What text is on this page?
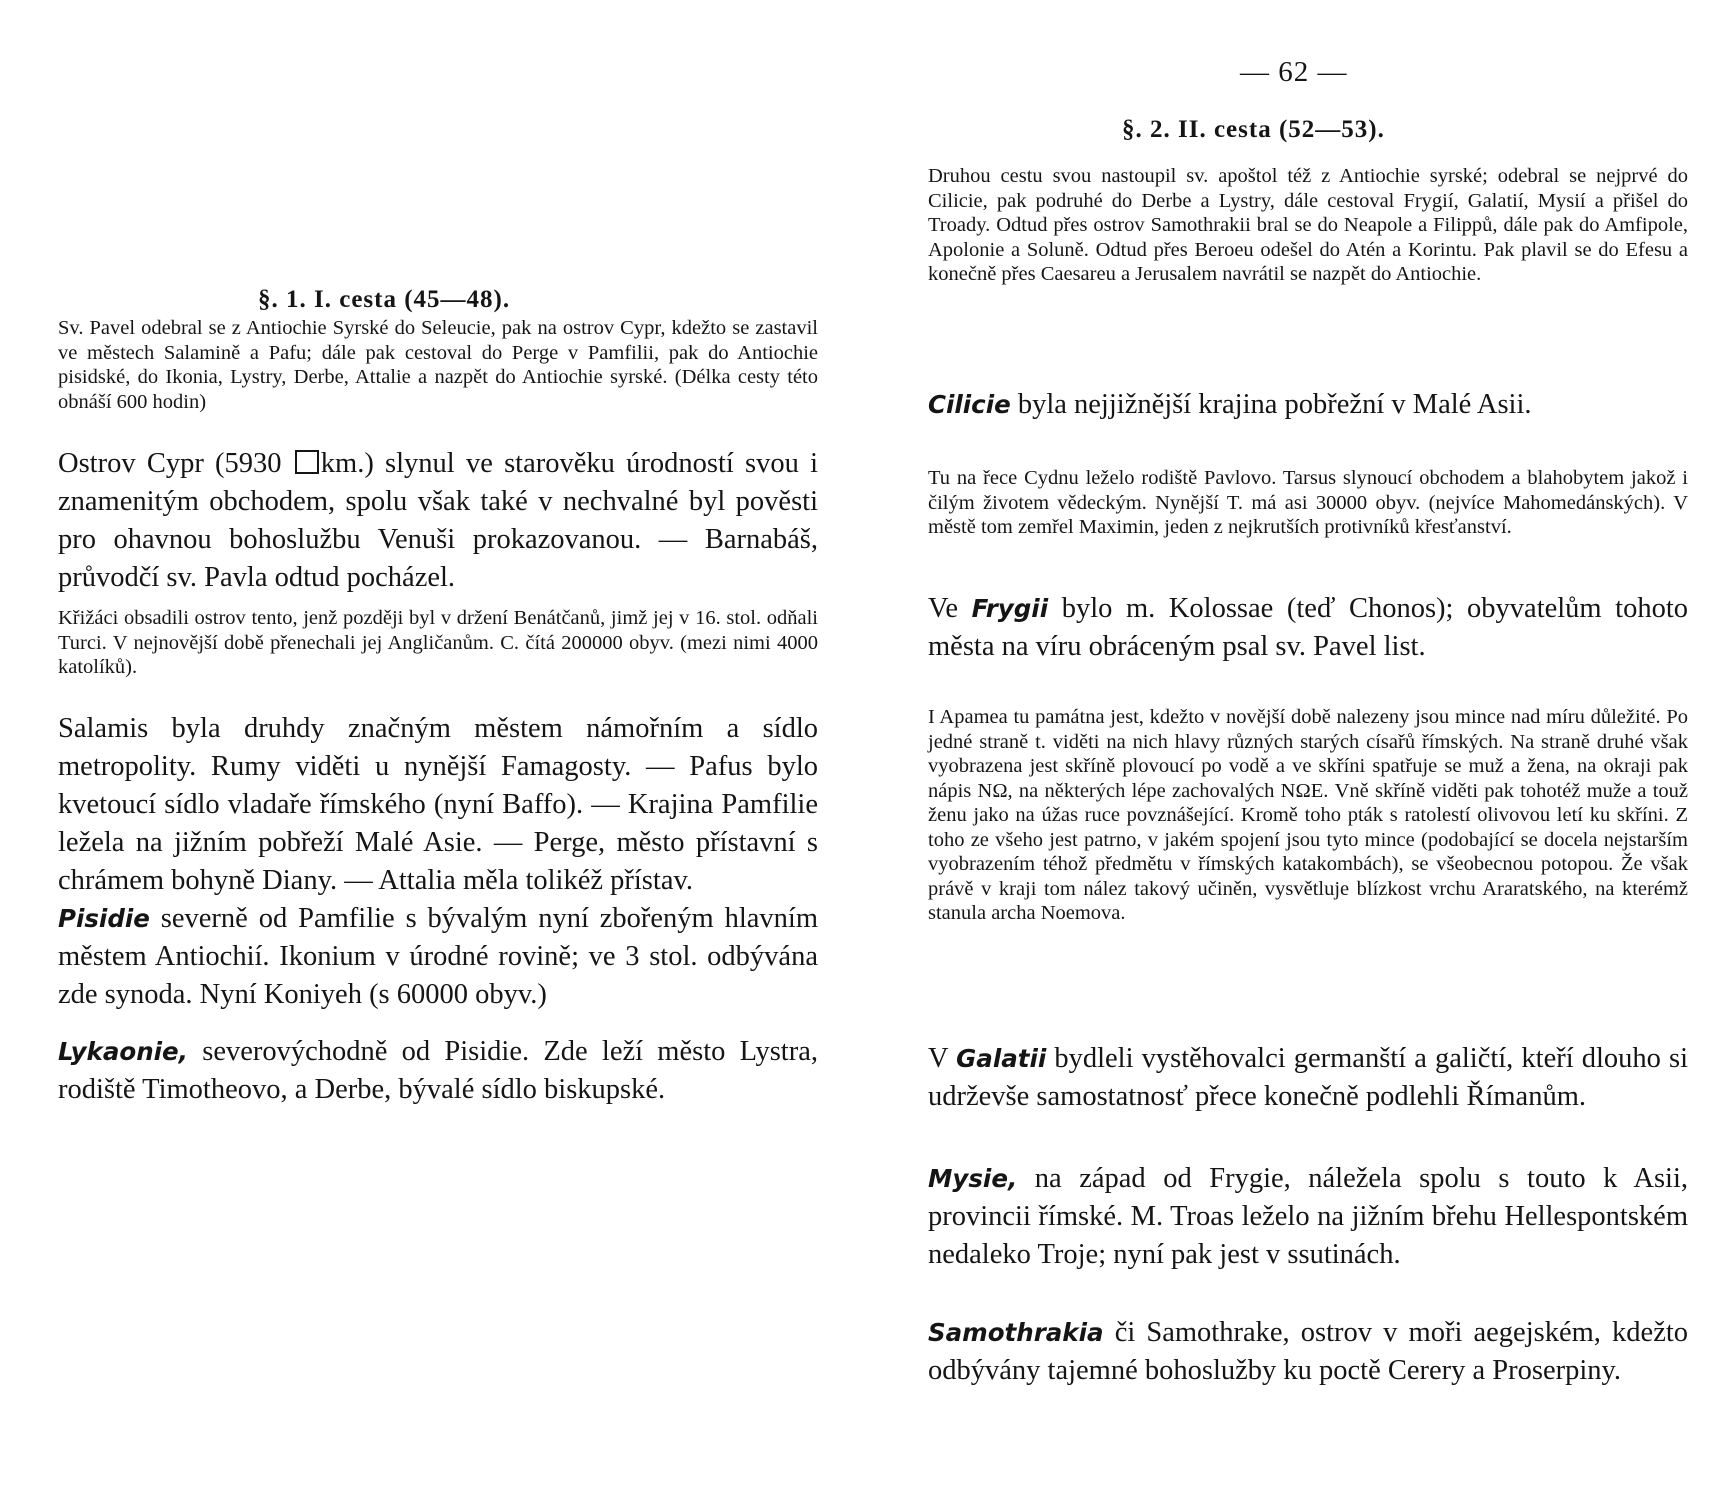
— 62 —
§. 1. I. cesta (45—48).

Sv. Pavel odebral se z Antiochie Syrské do Seleucie, pak na ostrov Cypr, kdežto se zastavil ve městech Salamině a Pafu; dále pak cestoval do Perge v Pamfilii, pak do Antiochie pisidské, do Ikonia, Lystry, Derbe, Attalie a nazpět do Antiochie syrské. (Délka cesty této obnáší 600 hodin)

Ostrov Cypr (5930 km.) slynul ve starověku úrodností svou i znamenitým obchodem, spolu však také v nechvalné byl pověsti pro ohavnou bohoslužbu Venuši prokazovanou. — Barnabáš, průvodčí sv. Pavla odtud pocházel.

Křižáci obsadili ostrov tento, jenž později byl v držení Benátčanů, jimž jej v 16. stol. odňali Turci. V nejnovější době přenechali jej Angličanům. C. čítá 200000 obyv. (mezi nimi 4000 katolíků).

Salamis byla druhdy značným městem námořním a sídlo metropolity. Rumy viděti u nynější Famagosty. — Pafus bylo kvetoucí sídlo vladaře římského (nyní Baffo). — Krajina Pamfilie ležela na jižním pobřeží Malé Asie. — Perge, město přístavní s chrámem bohyně Diany. — Attalia měla tolikéž přístav.

Pisidie severně od Pamfilie s bývalým nyní zbořeným hlavním městem Antiochií. Ikonium v úrodné rovině; ve 3 stol. odbývána zde synoda. Nyní Koniyeh (s 60000 obyv.)

Lykaonie, severovýchodně od Pisidie. Zde leží město Lystra, rodiště Timotheovo, a Derbe, bývalé sídlo biskupské.

§. 2. II. cesta (52—53).

Druhou cestu svou nastoupil sv. apoštol též z Antiochie syrské; odebral se nejprvé do Cilicie, pak podruhé do Derbe a Lystry, dále cestoval Frygií, Galatií, Mysií a přišel do Troady. Odtud přes ostrov Samothrakii bral se do Neapole a Filippů, dále pak do Amfipole, Apolonie a Soluně. Odtud přes Beroeu odešel do Atén a Korintu. Pak plavil se do Efesu a konečně přes Caesareu a Jerusalem navrátil se nazpět do Antiochie.

Cilicie byla nejjižnější krajina pobřežní v Malé Asii.

Tu na řece Cydnu leželo rodiště Pavlovo. Tarsus slynoucí obchodem a blahobytem jakož i čilým životem vědeckým. Nynější T. má asi 30000 obyv. (nejvíce Mahomedánských). V městě tom zemřel Maximin, jeden z nejkrutších protivníků křesťanství.

Ve Frygii bylo m. Kolossae (teď Chonos); obyvatelům tohoto města na víru obráceným psal sv. Pavel list.

I Apamea tu památna jest, kdežto v novější době nalezeny jsou mince nad míru důležité. Po jedné straně t. viděti na nich hlavy různých starých císařů římských. Na straně druhé však vyobrazena jest skříně plovoucí po vodě a ve skříni spatřuje se muž a žena, na okraji pak nápis ΝΩ, na některých lépe zachovalých ΝΩΕ. Vně skříně viděti pak tohotéž muže a touž ženu jako na úžas ruce povznášející. Kromě toho pták s ratolestí olivovou letí ku skříni. Z toho ze všeho jest patrno, v jakém spojení jsou tyto mince (podobající se docela nejstarším vyobrazením téhož předmětu v římských katakombách), se všeobecnou potopou. Že však právě v kraji tom nález takový učiněn, vysvětluje blízkost vrchu Araratského, na kterémž stanula archa Noemova.

V Galatii bydleli vystěhovalci germanští a galičtí, kteří dlouho si udrževše samostatnosť přece konečně podlehli Římanům.

Mysie, na západ od Frygie, náležela spolu s touto k Asii, provincii římské. M. Troas leželo na jižním břehu Hellespontském nedaleko Troje; nyní pak jest v ssutinách.

Samothrakia či Samothrake, ostrov v moři aegejském, kdežto odbývány tajemné bohoslužby ku poctě Cerery a Proserpiny.
